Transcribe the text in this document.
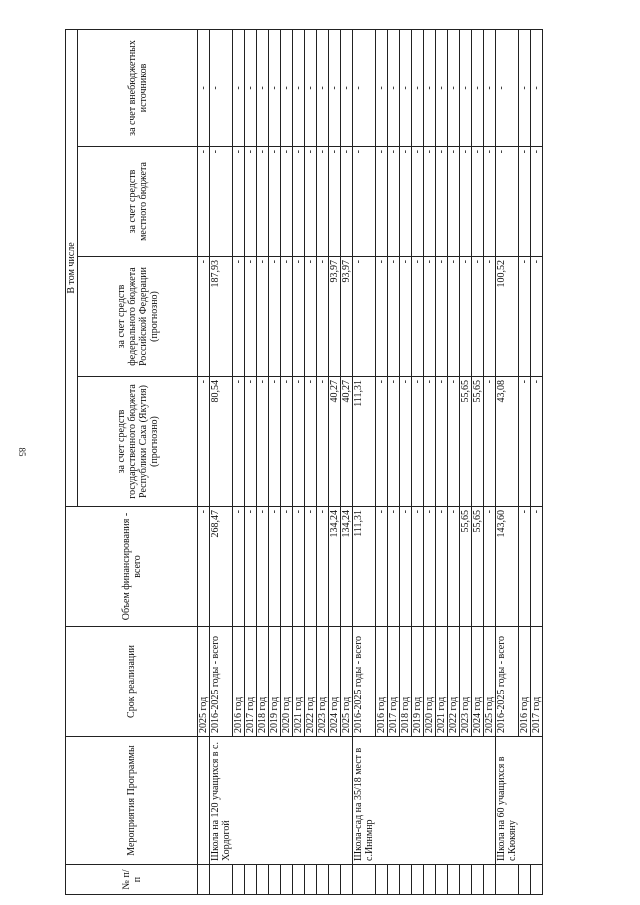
85
№ п/п	Мероприятия Программы	Срок реализации	Объем финансирования - всего	В том числе			
				за счет средств государственного бюджета Республики Саха (Якутия) (прогнозно)	за счет средств федерального бюджета Российской Федерации (прогнозно)	за счет средств местного бюджета	за счет внебюджетных источников
		2025 год	-	-	-	-	-
	Школа на 120 учащихся в с. Хордогой	2016-2025 годы - всего	268,47	80,54	187,93	-	-
		2016 год	-	-	-	-	-
		2017 год	-	-	-	-	-
		2018 год	-	-	-	-	-
		2019 год	-	-	-	-	-
		2020 год	-	-	-	-	-
		2021 год	-	-	-	-	-
		2022 год	-	-	-	-	-
		2023 год	-	-	-	-	-
		2024 год	134,24	40,27	93,97	-	-
		2025 год	134,24	40,27	93,97	-	-
	Школа-сад на 35/18 мест в с.Иннмнр	2016-2025 годы - всего	111,31	111,31	-	-	-
		2016 год	-	-	-	-	-
		2017 год	-	-	-	-	-
		2018 год	-	-	-	-	-
		2019 год	-	-	-	-	-
		2020 год	-	-	-	-	-
		2021 год	-	-	-	-	-
		2022 год	-	-	-	-	-
		2023 год	55,65	55,65	-	-	-
		2024 год	55,65	55,65	-	-	-
		2025 год	-	-	-	-	-
	Школа на 60 учащихся в с.Кюкяну	2016-2025 годы - всего	143,60	43,08	100,52	-	-
		2016 год	-	-	-	-	-
		2017 год	-	-	-	-	-
